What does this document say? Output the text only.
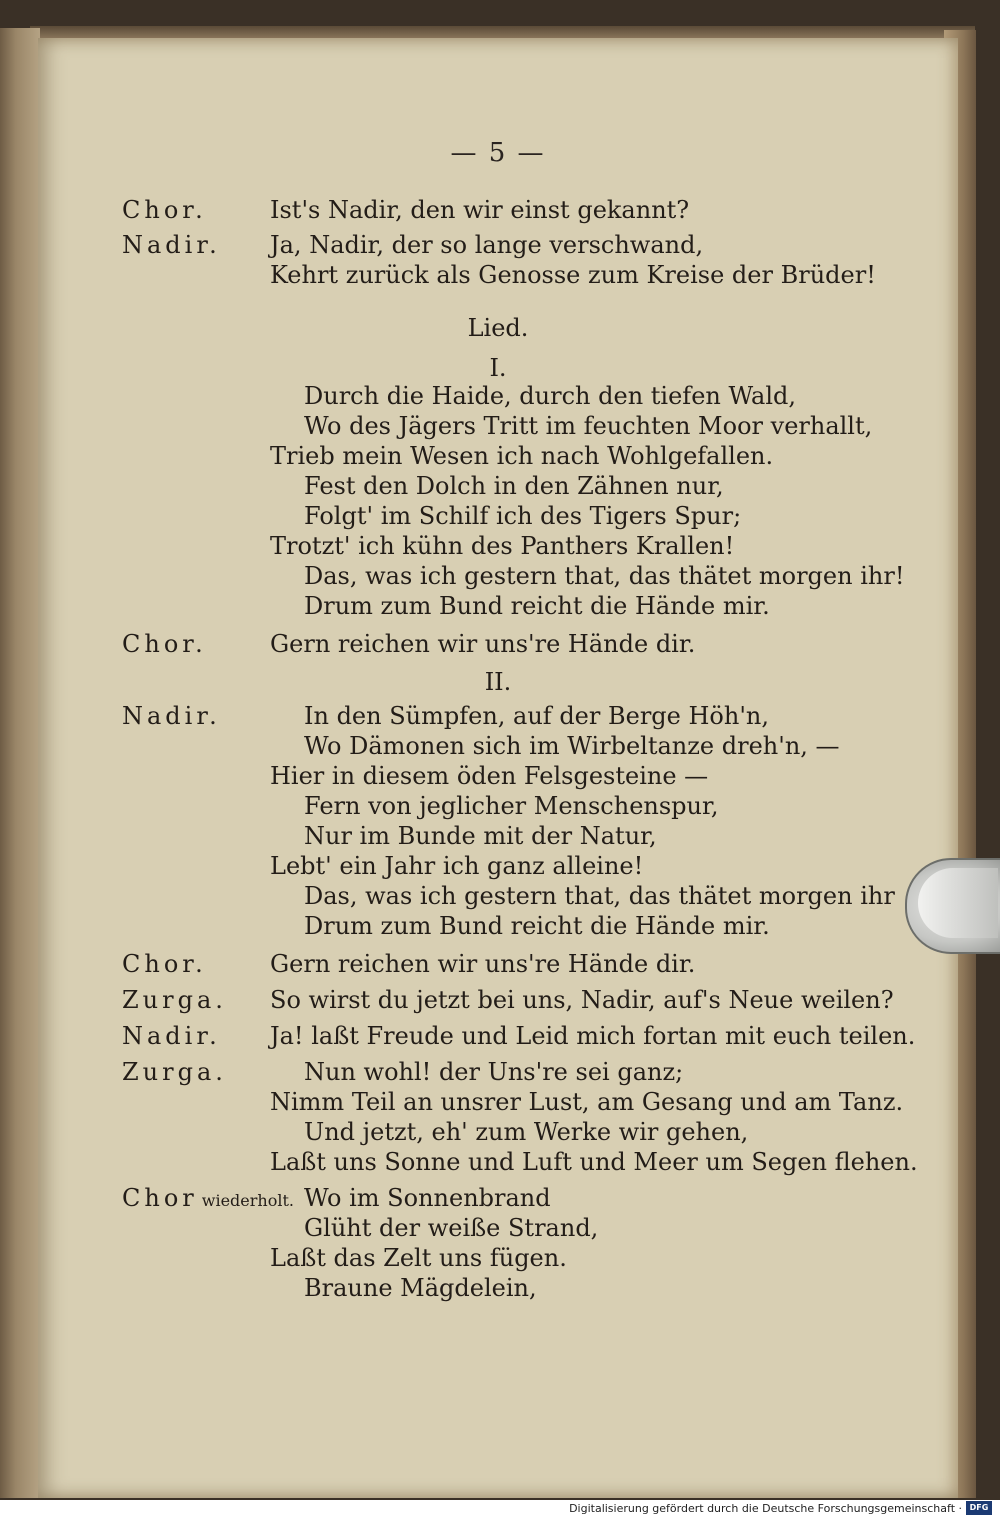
— 5 —
Chor.	Ist's Nadir, den wir einst gekannt?
Nadir. Ja, Nadir, der so lange verschwand,
Kehrt zurück als Genosse zum Kreise der Brüder!
Lied.
I.
Durch die Haide, durch den tiefen Wald,
Wo des Jägers Tritt im feuchten Moor verhallt,
Trieb mein Wesen ich nach Wohlgefallen.
Fest den Dolch in den Zähnen nur,
Folgt' im Schilf ich des Tigers Spur;
Trotzt' ich kühn des Panthers Krallen!
Das, was ich gestern that, das thätet morgen ihr!
Drum zum Bund reicht die Hände mir.
Chor.	Gern reichen wir uns're Hände dir.
II.
Nadir.	In den Sümpfen, auf der Berge Höh'n,
Wo Dämonen sich im Wirbeltanze dreh'n, —
Hier in diesem öden Felsgesteine —
Fern von jeglicher Menschenspur,
Nur im Bunde mit der Natur,
Lebt' ein Jahr ich ganz alleine!
Das, was ich gestern that, das thätet morgen ihr
Drum zum Bund reicht die Hände mir.
Chor.	Gern reichen wir uns're Hände dir.
Zurga. So wirst du jetzt bei uns, Nadir, auf's Neue weilen?
Nadir. Ja! laßt Freude und Leid mich fortan mit euch teilen.
Zurga.	Nun wohl! der Uns're sei ganz;
Nimm Teil an unsrer Lust, am Gesang und am Tanz.
Und jetzt, eh' zum Werke wir gehen,
Laßt uns Sonne und Luft und Meer um Segen flehen.
Chor wiederholt. Wo im Sonnenbrand
Glüht der weiße Strand,
Laßt das Zelt uns fügen.
Braune Mägdelein,
Digitalisierung gefördert durch die Deutsche Forschungsgemeinschaft · DFG
